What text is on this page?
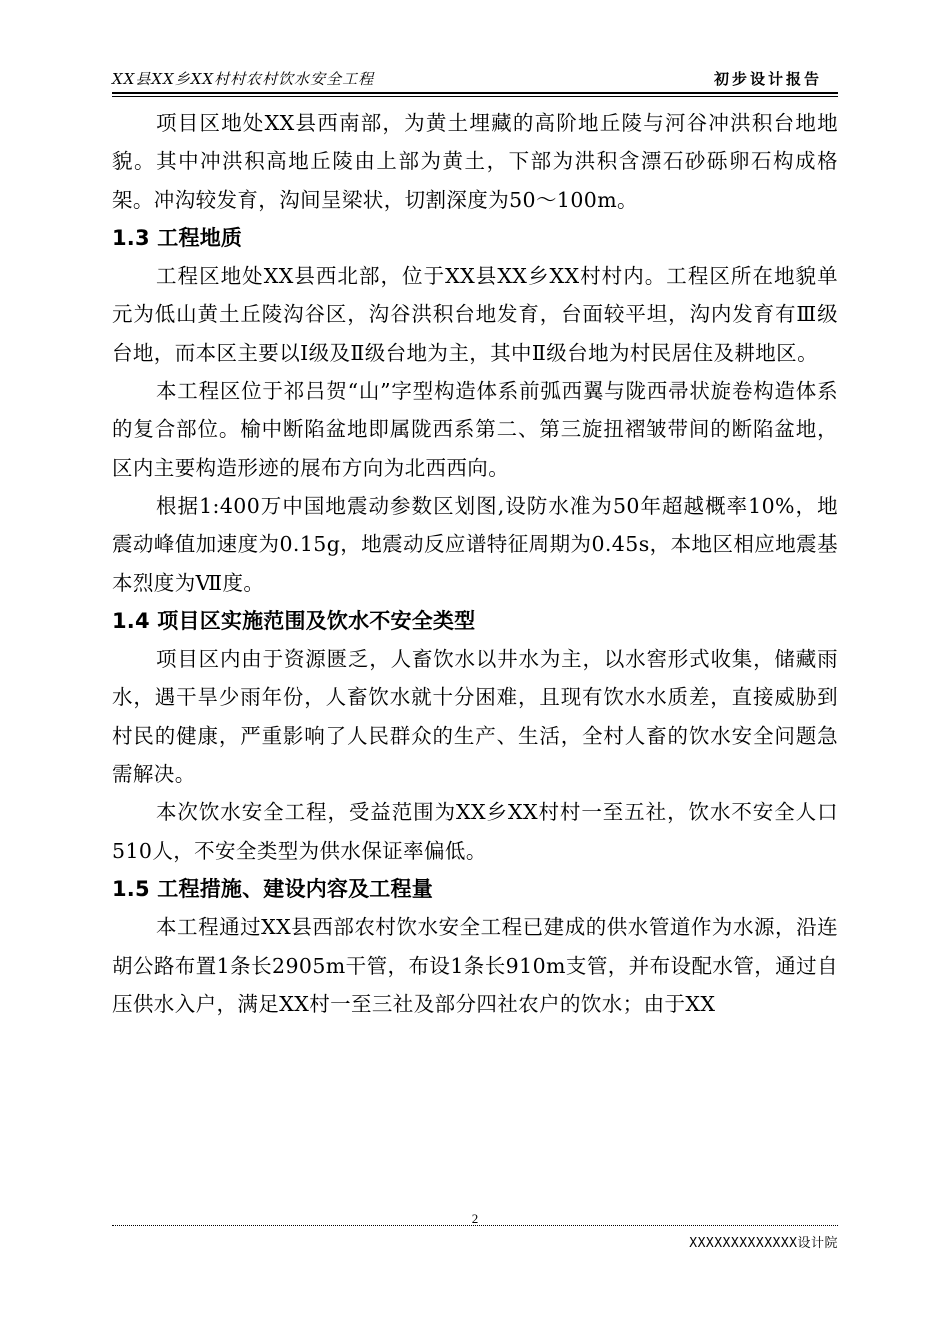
XX县XX乡XX村村农村饮水安全工程	初步设计报告

项目区地处XX县西南部，为黄土埋藏的高阶地丘陵与河谷冲洪积台地地貌。其中冲洪积高地丘陵由上部为黄土，下部为洪积含漂石砂砾卵石构成格架。冲沟较发育，沟间呈梁状，切割深度为50～100m。

1.3 工程地质

工程区地处XX县西北部，位于XX县XX乡XX村村内。工程区所在地貌单元为低山黄土丘陵沟谷区，沟谷洪积台地发育，台面较平坦，沟内发育有Ⅲ级台地，而本区主要以Ⅰ级及Ⅱ级台地为主，其中Ⅱ级台地为村民居住及耕地区。

本工程区位于祁吕贺“山”字型构造体系前弧西翼与陇西帚状旋卷构造体系的复合部位。榆中断陷盆地即属陇西系第二、第三旋扭褶皱带间的断陷盆地，区内主要构造形迹的展布方向为北西西向。

根据1:400万中国地震动参数区划图,设防水准为50年超越概率10%，地震动峰值加速度为0.15g，地震动反应谱特征周期为0.45s，本地区相应地震基本烈度为Ⅶ度。

1.4 项目区实施范围及饮水不安全类型

项目区内由于资源匮乏，人畜饮水以井水为主，以水窖形式收集，储藏雨水，遇干旱少雨年份，人畜饮水就十分困难，且现有饮水水质差，直接威胁到村民的健康，严重影响了人民群众的生产、生活，全村人畜的饮水安全问题急需解决。

本次饮水安全工程，受益范围为XX乡XX村村一至五社，饮水不安全人口510人，不安全类型为供水保证率偏低。

1.5 工程措施、建设内容及工程量

本工程通过XX县西部农村饮水安全工程已建成的供水管道作为水源，沿连胡公路布置1条长2905m干管，布设1条长910m支管，并布设配水管，通过自压供水入户，满足XX村一至三社及部分四社农户的饮水；由于XX

2
XXXXXXXXXXXXX设计院
